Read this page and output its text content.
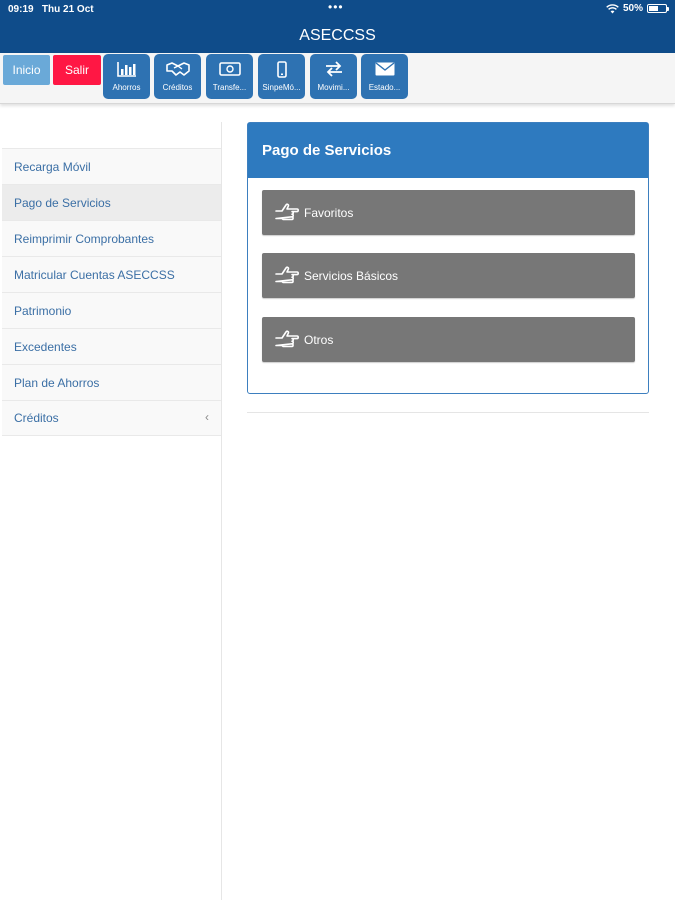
09:19 Thu 21 Oct	•••	50%
ASECCSS
Inicio	Salir
Ahorros	Créditos	Transfe... SinpeMó... Movimi... Estado...
Recarga Móvil
Pago de Servicios
Reimprimir Comprobantes
Matricular Cuentas ASECCSS
Patrimonio
Excedentes
Plan de Ahorros
Créditos	‹
Pago de Servicios
Favoritos
Servicios Básicos
Otros
